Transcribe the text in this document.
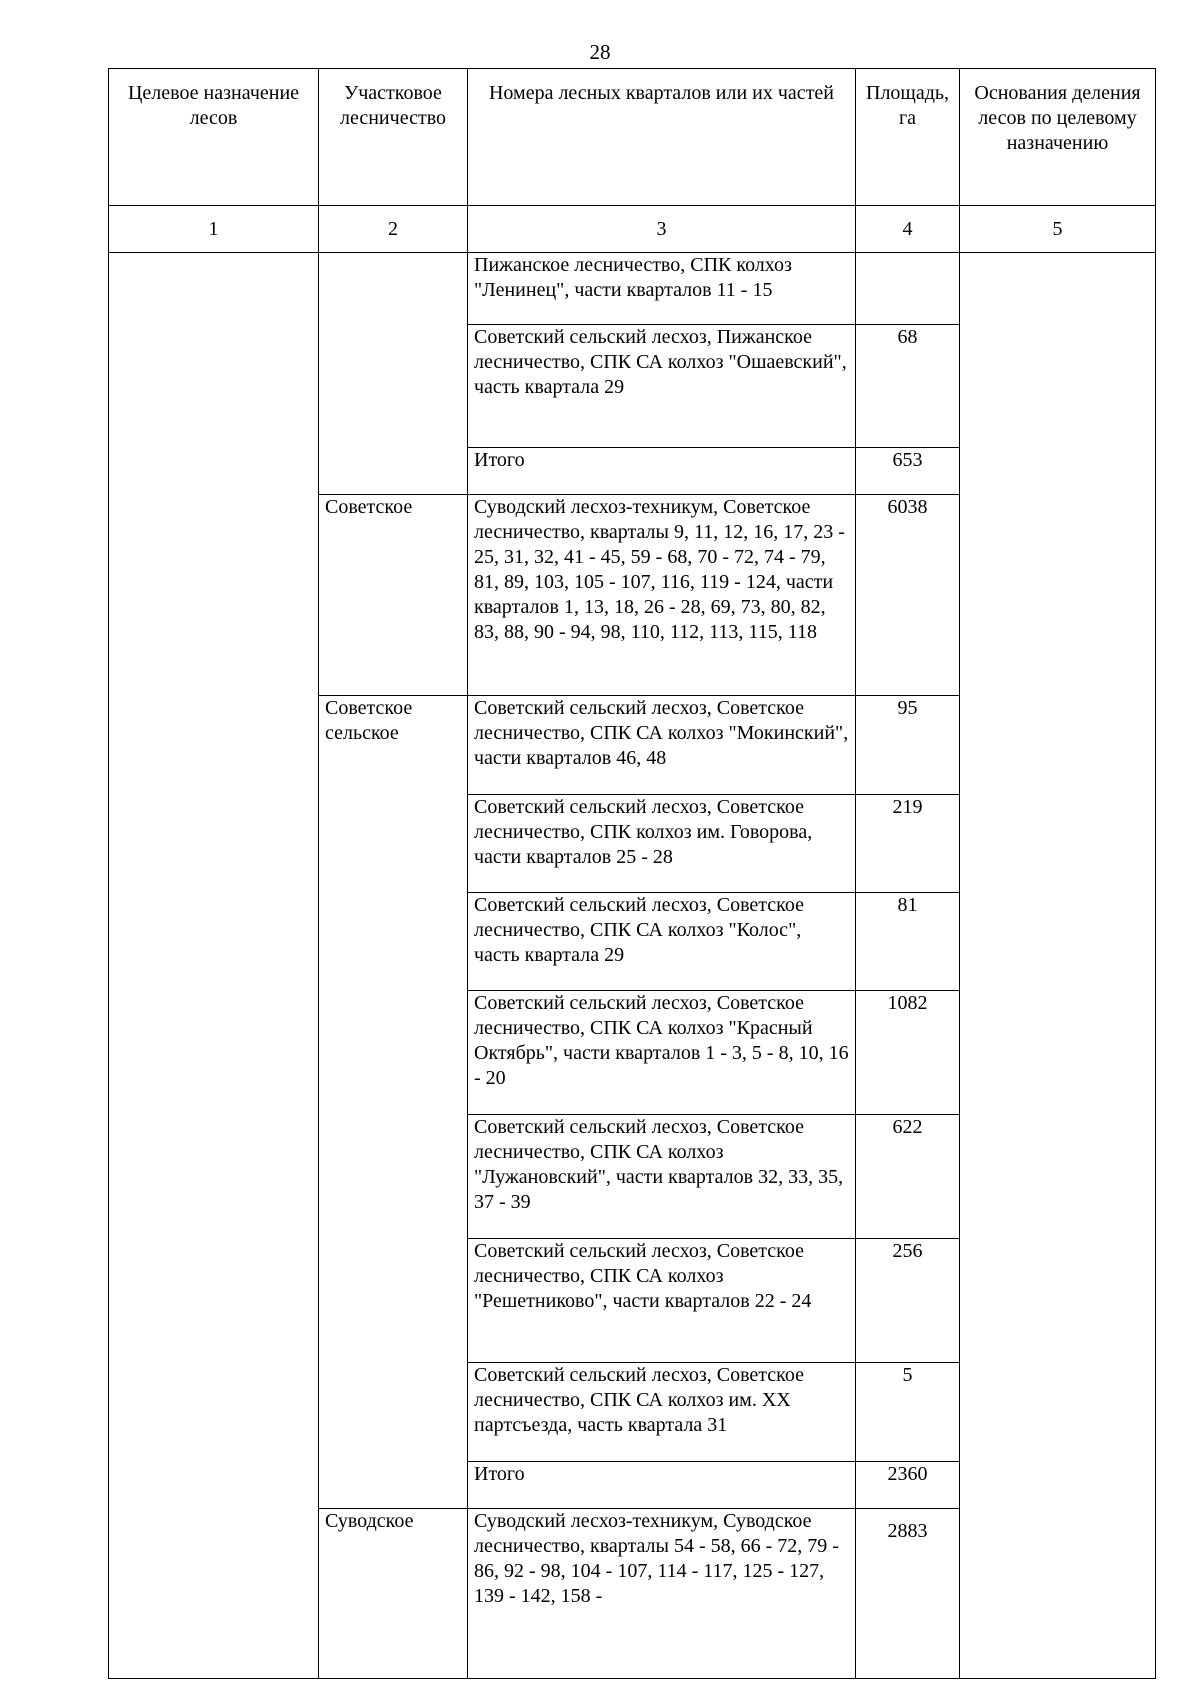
28
Целевое назначение лесов	Участковое лесничество	Номера лесных кварталов или их частей	Площадь, га	Основания деления лесов по целевому назначению
1	2	3	4	5
		Пижанское лесничество, СПК колхоз "Ленинец", части кварталов 11 - 15		
		Советский сельский лесхоз, Пижанское лесничество, СПК СА колхоз "Ошаевский", часть квартала 29	68	
		Итого	653	
	Советское	Суводский лесхоз-техникум, Советское лесничество, кварталы 9, 11, 12, 16, 17, 23 - 25, 31, 32, 41 - 45, 59 - 68, 70 - 72, 74 - 79, 81, 89, 103, 105 - 107, 116, 119 - 124, части кварталов 1, 13, 18, 26 - 28, 69, 73, 80, 82, 83, 88, 90 - 94, 98, 110, 112, 113, 115, 118	6038	
	Советское сельское	Советский сельский лесхоз, Советское лесничество, СПК СА колхоз "Мокинский", части кварталов 46, 48	95	
		Советский сельский лесхоз, Советское лесничество, СПК колхоз им. Говорова, части кварталов 25 - 28	219	
		Советский сельский лесхоз, Советское лесничество, СПК СА колхоз "Колос", часть квартала 29	81	
		Советский сельский лесхоз, Советское лесничество, СПК СА колхоз "Красный Октябрь", части кварталов 1 - 3, 5 - 8, 10, 16 - 20	1082	
		Советский сельский лесхоз, Советское лесничество, СПК СА колхоз "Лужановский", части кварталов 32, 33, 35, 37 - 39	622	
		Советский сельский лесхоз, Советское лесничество, СПК СА колхоз "Решетниково", части кварталов 22 - 24	256	
		Советский сельский лесхоз, Советское лесничество, СПК СА колхоз им. XX партсъезда, часть квартала 31	5	
		Итого	2360	
	Суводское	Суводский лесхоз-техникум, Суводское лесничество, кварталы 54 - 58, 66 - 72, 79 - 86, 92 - 98, 104 - 107, 114 - 117, 125 - 127, 139 - 142, 158 -	2883	
